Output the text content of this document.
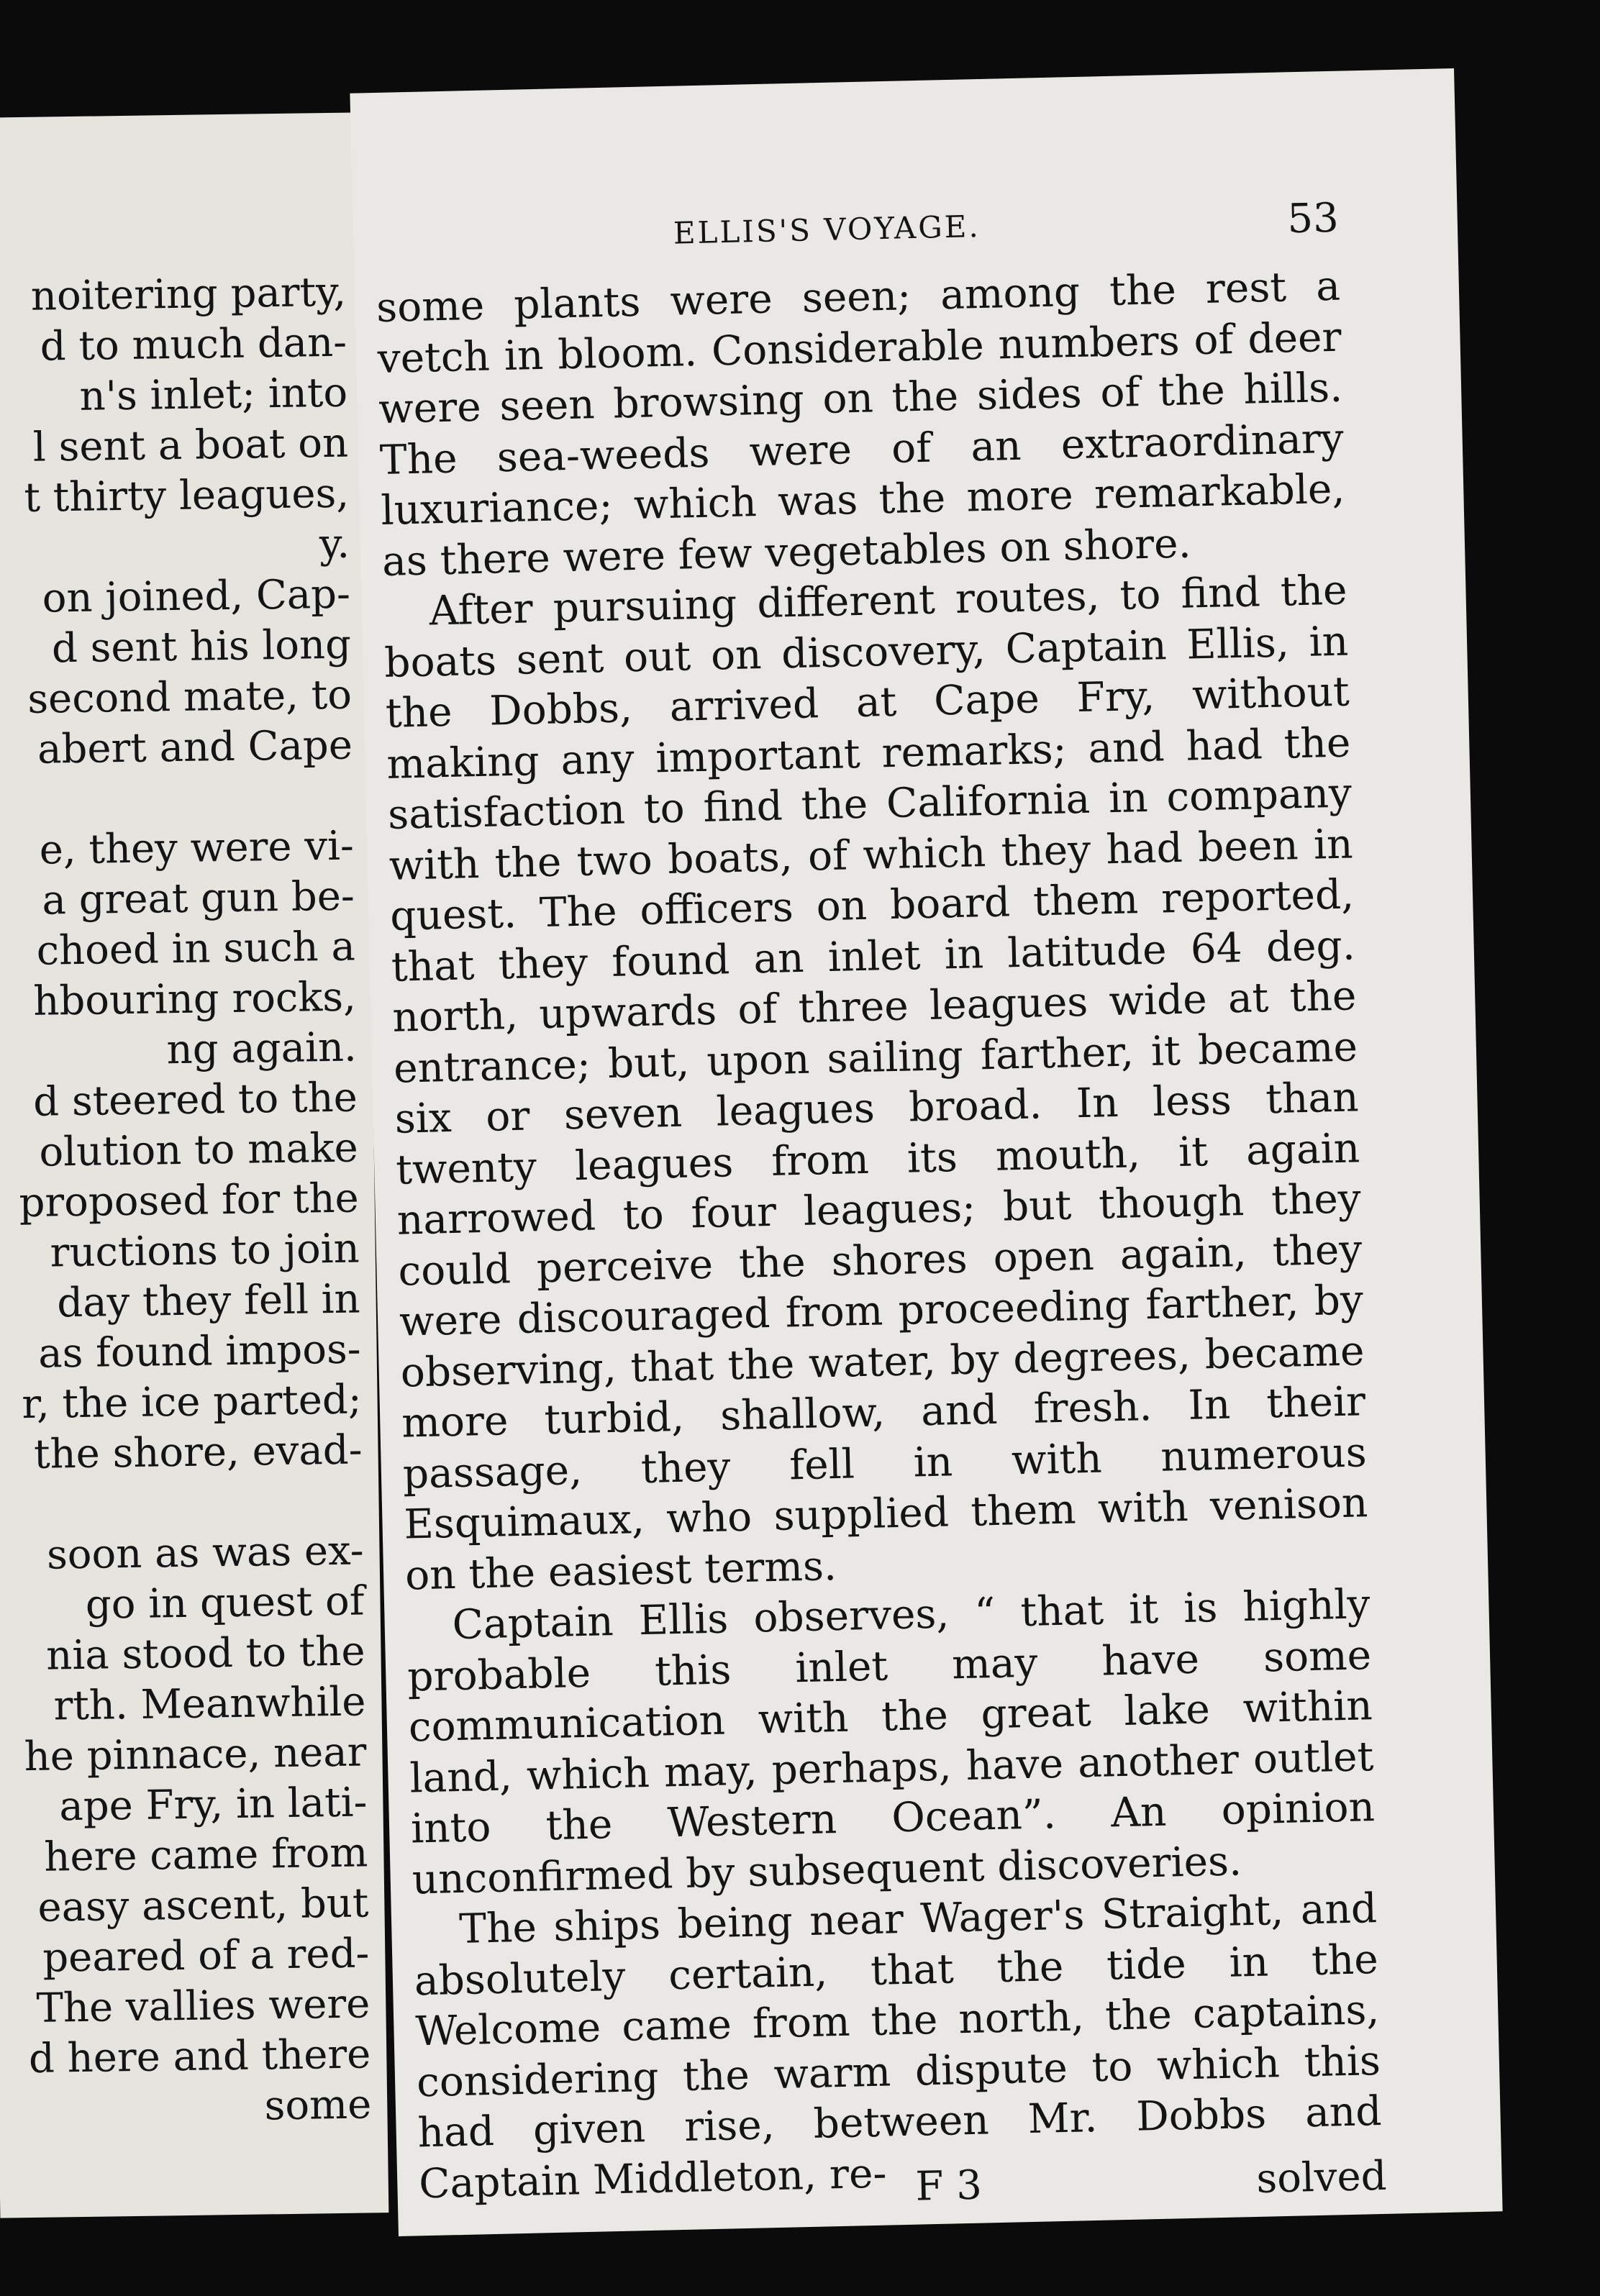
noitering party,
d to much dan-
n's inlet; into
l sent a boat on
t thirty leagues,
y.
on joined, Cap-
d sent his long
second mate, to
abert and Cape
e, they were vi-
a great gun be-
choed in such a
hbouring rocks,
ng again.
d steered to the
olution to make
proposed for the
ructions to join
day they fell in
as found impos-
r, the ice parted;
the shore, evad-
soon as was ex-
go in quest of
nia stood to the
rth. Meanwhile
he pinnace, near
ape Fry, in lati-
here came from
easy ascent, but
peared of a red-
The vallies were
d here and there
some
ELLIS'S VOYAGE.	53

some plants were seen; among the rest a vetch in bloom. Considerable numbers of deer were seen browsing on the sides of the hills. The sea-weeds were of an extraordinary luxuriance; which was the more remarkable, as there were few vegetables on shore.

After pursuing different routes, to find the boats sent out on discovery, Captain Ellis, in the Dobbs, arrived at Cape Fry, without making any important remarks; and had the satisfaction to find the California in company with the two boats, of which they had been in quest. The officers on board them reported, that they found an inlet in latitude 64 deg. north, upwards of three leagues wide at the entrance; but, upon sailing farther, it became six or seven leagues broad. In less than twenty leagues from its mouth, it again narrowed to four leagues; but though they could perceive the shores open again, they were discouraged from proceeding farther, by observing, that the water, by degrees, became more turbid, shallow, and fresh. In their passage, they fell in with numerous Esquimaux, who supplied them with venison on the easiest terms.

Captain Ellis observes, “ that it is highly probable this inlet may have some communication with the great lake within land, which may, perhaps, have another outlet into the Western Ocean”. An opinion unconfirmed by subsequent discoveries.

The ships being near Wager's Straight, and absolutely certain, that the tide in the Welcome came from the north, the captains, considering the warm dispute to which this had given rise, between Mr. Dobbs and Captain Middleton, re- F 3	solved
